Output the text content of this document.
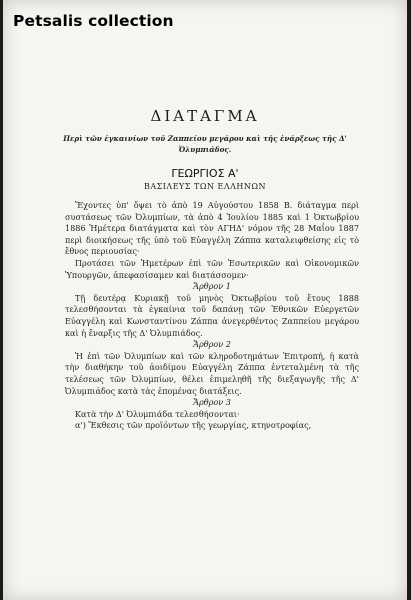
Petsalis collection
ΔΙΑΤΑΓΜΑ
Περὶ τῶν ἐγκαινίων τοῦ Ζαππείου μεγάρου καὶ τῆς ἐνάρξεως τῆς Δ' Ὀλυμπιάδος.
ΓΕΩΡΓΙΟΣ Α'
ΒΑΣΙΛΕΥΣ ΤΩΝ ΕΛΛΗΝΩΝ

Ἔχοντες ὑπ' ὄψει τὸ ἀπὸ 19 Αὐγούστου 1858 Β. διάταγμα περὶ συστάσεως τῶν Ὀλυμπίων, τὰ ἀπὸ 4 Ἰουλίου 1885 καὶ 1 Ὀκτωβρίου 1886 Ἡμέτερα διατάγματα καὶ τὸν ΑΓΗΔ' νόμον τῆς 28 Μαΐου 1887 περὶ διοικήσεως τῆς ὑπὸ τοῦ Εὐαγγέλη Ζάππα καταλειφθείσης εἰς τὸ ἔθνος περιουσίας·

Προτάσει τῶν Ἡμετέρων ἐπὶ τῶν Ἐσωτερικῶν καὶ Οἰκονομικῶν Ὑπουργῶν, ἀπεφασίσαμεν καὶ διατάσσομεν·

Ἄρθρον 1

Τῇ δευτέρᾳ Κυριακῇ τοῦ μηνὸς Ὀκτωβρίου τοῦ ἔτους 1888 τελεσθήσονται τὰ ἐγκαίνια τοῦ δαπάνῃ τῶν Ἐθνικῶν Εὐεργετῶν Εὐαγγέλη καὶ Κωνσταντίνου Ζάππα ἀνεγερθέντος Ζαππείου μεγάρου καὶ ἡ ἔναρξις τῆς Δ' Ὀλυμπιάδος.

Ἄρθρον 2

Ἡ ἐπὶ τῶν Ὀλυμπίων καὶ τῶν κληροδοτημάτων Ἐπιτροπή, ἡ κατὰ τὴν διαθήκην τοῦ ἀοιδίμου Εὐαγγέλη Ζάππα ἐντεταλμένη τὰ τῆς τελέσεως τῶν Ὀλυμπίων, θέλει ἐπιμεληθῆ τῆς διεξαγωγῆς τῆς Δ' Ὀλυμπιάδος κατὰ τὰς ἑπομένας διατάξεις.

Ἄρθρον 3

Κατὰ τὴν Δ' Ὀλυμπιάδα τελεσθήσονται·

α') Ἔκθεσις τῶν προϊόντων τῆς γεωργίας, κτηνοτροφίας,
